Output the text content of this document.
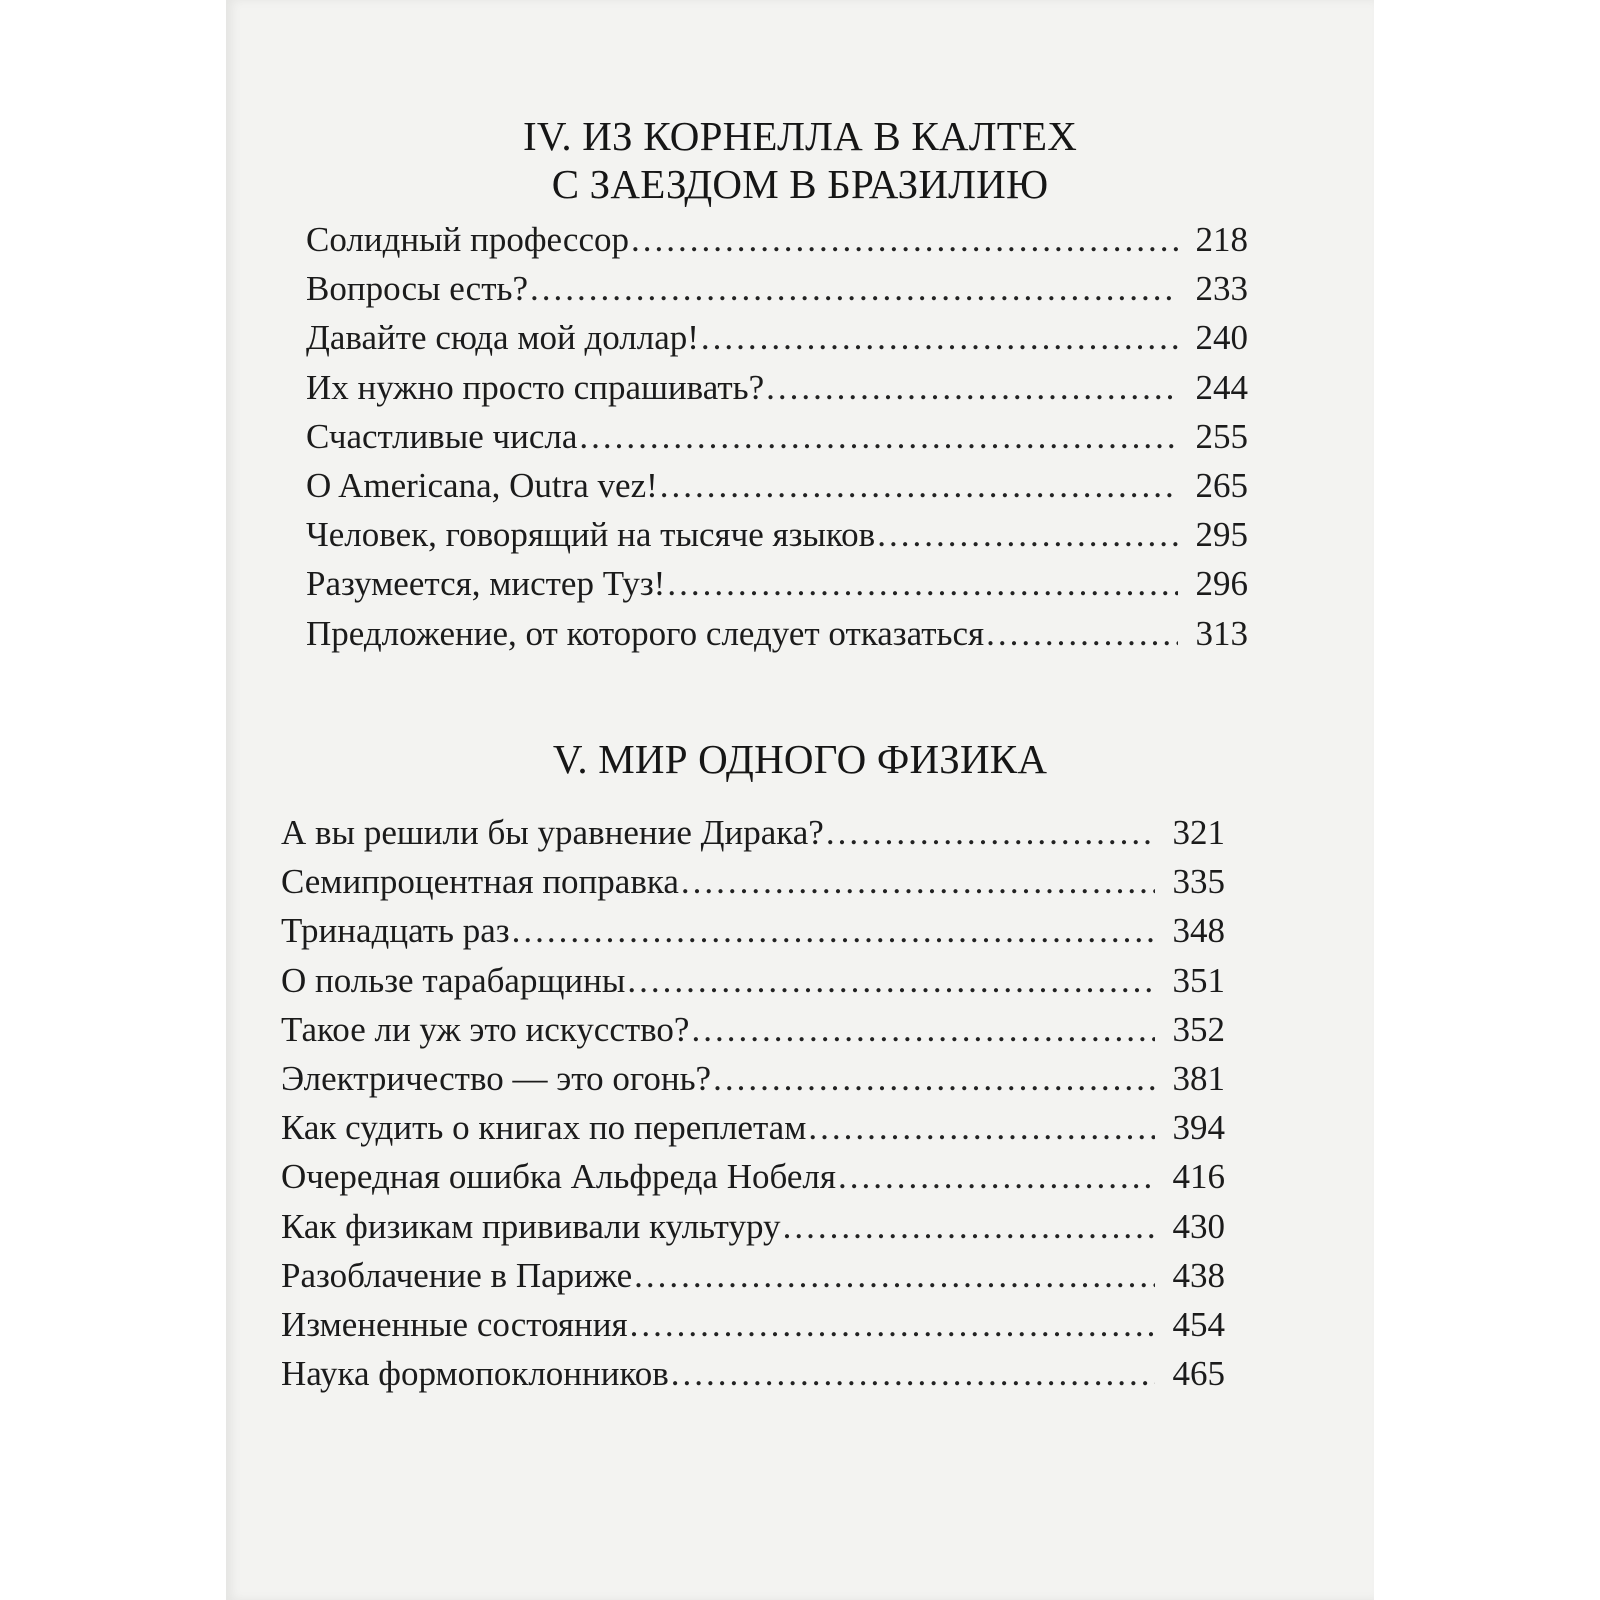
IV. ИЗ КОРНЕЛЛА В КАЛТЕХ
С ЗАЕЗДОМ В БРАЗИЛИЮ
Солидный профессор .....	218
Вопросы есть? .....	233
Давайте сюда мой доллар! .....	240
Их нужно просто спрашивать? .....	244
Счастливые числа .....	255
O Americana, Outra vez! .....	265
Человек, говорящий на тысяче языков .....	295
Разумеется, мистер Туз! .....	296
Предложение, от которого следует отказаться .....	313
V. МИР ОДНОГО ФИЗИКА
А вы решили бы уравнение Дирака? .....	321
Семипроцентная поправка .....	335
Тринадцать раз .....	348
О пользе тарабарщины .....	351
Такое ли уж это искусство? .....	352
Электричество — это огонь? .....	381
Как судить о книгах по переплетам .....	394
Очередная ошибка Альфреда Нобеля .....	416
Как физикам прививали культуру .....	430
Разоблачение в Париже .....	438
Измененные состояния .....	454
Наука формопоклонников .....	465
